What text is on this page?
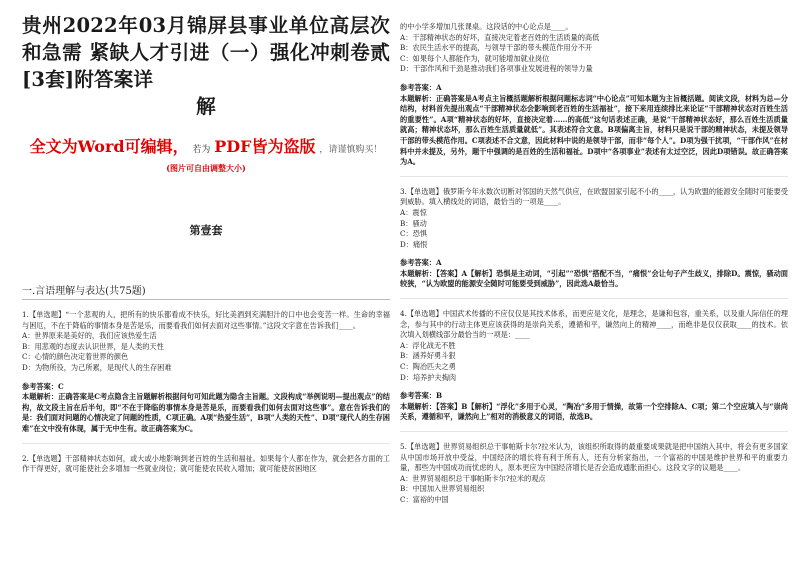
贵州2022年03月锦屏县事业单位高层次和急需 紧缺人才引进（一）强化冲刺卷贰[3套]附答案详
解
全文为Word可编辑， 若为 PDF皆为盗版 ，请谨慎购买！
(图片可自由调整大小)
第壹套
一.言语理解与表达(共75题)
1.【单选题】“一个悲观的人，把所有的快乐都看成不快乐，好比美酒到充满胆汁的口中也会变苦一样。生命的幸福与困厄，不在于降临的事情本身是苦是乐，而要看我们如何去面对这些事情。”这段文字意在告诉我们____。
A：世界原来是美好的，我们应该热爱生活
B：用悲观的态度去认识世界，是人类的天性
C：心情的颜色决定着世界的颜色
D：为物所役，为己所累，是现代人的生存困难
参考答案：C
本题解析：正确答案是C考点隐含主旨题解析根据问句可知此题为隐含主旨题。文段构成“举例说明—提出观点”的结构，故文段主旨在后半句，即“不在于降临的事情本身是苦是乐，而要看我们如何去面对这些事”。意在告诉我们的是：我们面对问题的心情决定了问题的性质，C项正确。A项“热爱生活”，B项“人类的天性”、D项“现代人的生存困难”在文中没有体现，属于无中生有。故正确答案为C。
2.【单选题】干部精神状态如何，或大或小地影响到老百姓的生活和福祉。如果每个人都在作为，就会把各方面的工作干得更好，就可能使社会多增加一些就业岗位；就可能使农民收入增加；就可能使贫困地区
的中小学多增加几张课桌。这段话的中心论点是____。
A：干部精神状态的好坏，直接决定着老百姓的生活质量的高低
B：农民生活水平的提高，与领导干部的带头模范作用分不开
C：如果每个人都能作为，就可能增加就业岗位
D：干部作风和干劲是推动我们各项事业发展进程的领导力量
参考答案：A
本题解析：正确答案是A考点主旨概括题解析根据问题标志词“中心论点”可知本题为主旨概括题。阅读文段，材料为总—分结构，材料首先提出观点“干部精神状态会影响到老百姓的生活福祉”，接下来用连续排比来论证“干部精神状态对百姓生活的重要性”。A项“精神状态的好坏，直接决定着……的高低”这句话表述正确，是说“干部精神状态好，那么百姓生活质量就高；精神状态坏，那么百姓生活质量就低”。其表述符合文意。B项偏离主旨，材料只是说干部的精神状态，未提及领导干部的带头模范作用。C项表述不合文意，因此材料中说的是领导干部，而非“每个人”。D项为强干扰项，“干部作风”在材料中并未提及，另外，题干中强调的是百姓的生活和福祉。D项中“各项事业”表述有太过空泛，因此D项错误。故正确答案为A。
3.【单选题】俄罗斯今年永数次切断对邻国的天然气供应，在欧盟国家引起不小的____，认为欧盟的能源安全随时可能要受到威胁。填入横线处的词语，最恰当的一项是____。
A：震惊
B：骚动
C：恐惧
D：痛恨
参考答案：A
本题解析：【答案】A【解析】恐惧是主动词，“引起”“恐惧”搭配不当，“痛恨”会让句子产生歧义，排除D。震惊，骚动面较狭，“认为欧盟的能源安全随时可能要受到威胁”，因此选A最恰当。
4.【单选题】中国武术传播的不应仅仅是其技术体系，而更应是文化，是理念，是谦和包容，重关系，以及重人际信任的理念，参与其中的行动主体更应该获得的是崇尚关系，遵循和平，谦然向上的精神____，而绝非是仅仅获取____的技术。依次填入划横线部分最恰当的一项是：____
A：浮化战无不胜
B：涵养好勇斗狠
C：陶冶匹夫之勇
D：培养护夫掏肉
参考答案：B
本题解析：【答案】B【解析】“浮化”多用于心灵，“陶冶”多用于情操，故第一个空排除A、C项；第二个空应填入与“崇尚关系，遵循和平，谦然向上”相对的消极意义的词语，故选B。
5.【单选题】世界贸易组织总干事帕斯卡尔?拉米认为，该组织所取得的最重要成果就是把中国纳入其中，将会有更多国家从中国市场开放中受益，中国经济的增长将有利于所有人，还有分析家指出，一个富裕的中国是维护世界和平的重要力量，那些为中国成功而忧虑的人，原本更应为中国经济增长是否会造成通胀而担心。这段文字的议题是____。
A：世界贸易组织总干事帕斯卡尔?拉米的观点
B：中国加入世界贸易组织
C：富裕的中国
